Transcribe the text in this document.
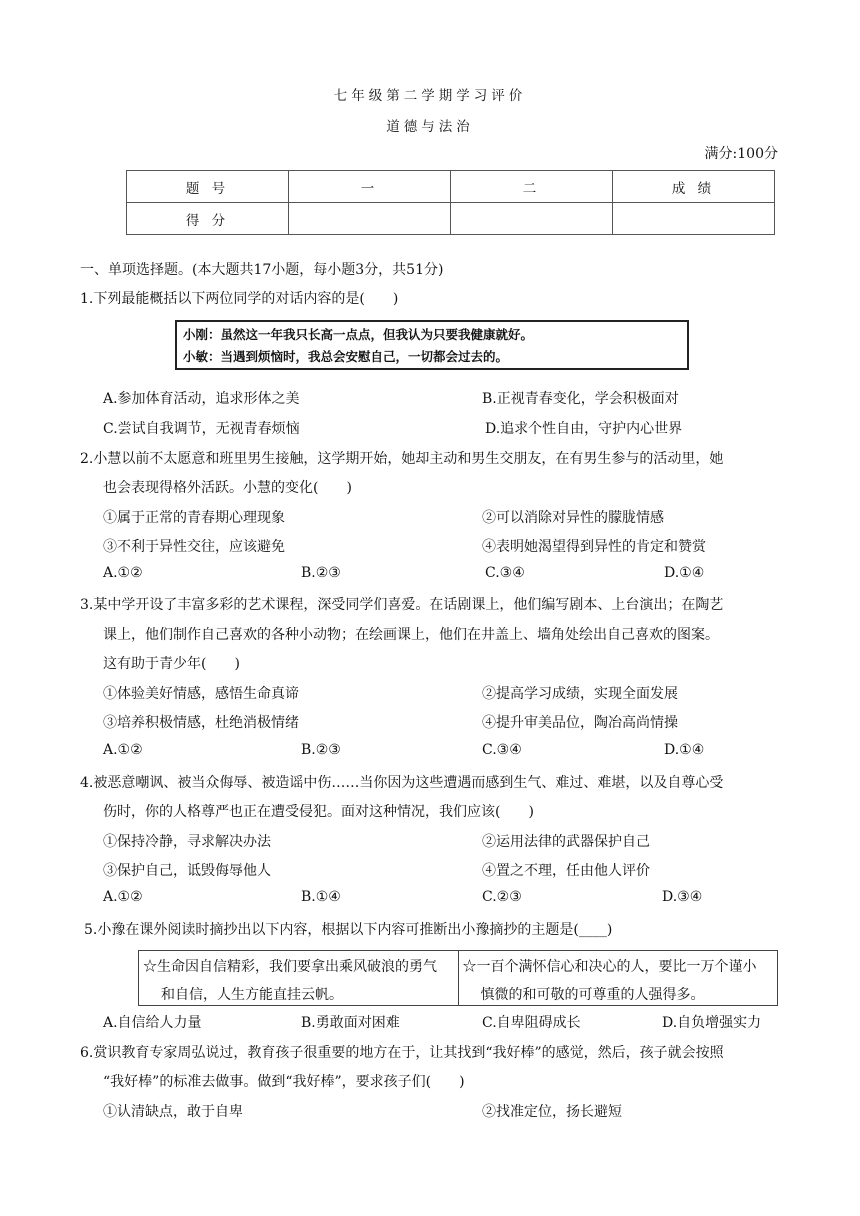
七年级第二学期学习评价
道德与法治
满分:100分
题 号	一	二	成 绩
得 分			
一、单项选择题。(本大题共17小题，每小题3分，共51分)
1.下列最能概括以下两位同学的对话内容的是(　　)
小刚：虽然这一年我只长高一点点，但我认为只要我健康就好。
小敏：当遇到烦恼时，我总会安慰自己，一切都会过去的。
A.参加体育活动，追求形体之美	B.正视青春变化，学会积极面对
C.尝试自我调节，无视青春烦恼	D.追求个性自由，守护内心世界
2.小慧以前不太愿意和班里男生接触，这学期开始，她却主动和男生交朋友，在有男生参与的活动里，她
也会表现得格外活跃。小慧的变化(　　)
①属于正常的青春期心理现象	②可以消除对异性的朦胧情感
③不利于异性交往，应该避免	④表明她渴望得到异性的肯定和赞赏
A.①②	B.②③	C.③④	D.①④
3.某中学开设了丰富多彩的艺术课程，深受同学们喜爱。在话剧课上，他们编写剧本、上台演出；在陶艺
课上，他们制作自己喜欢的各种小动物；在绘画课上，他们在井盖上、墙角处绘出自己喜欢的图案。
这有助于青少年(　　)
①体验美好情感，感悟生命真谛	②提高学习成绩，实现全面发展
③培养积极情感，杜绝消极情绪	④提升审美品位，陶冶高尚情操
A.①②	B.②③	C.③④	D.①④
4.被恶意嘲讽、被当众侮辱、被造谣中伤……当你因为这些遭遇而感到生气、难过、难堪，以及自尊心受
伤时，你的人格尊严也正在遭受侵犯。面对这种情况，我们应该(　　)
①保持冷静，寻求解决办法	②运用法律的武器保护自己
③保护自己，诋毁侮辱他人	④置之不理，任由他人评价
A.①②	B.①④	C.②③	D.③④
5.小豫在课外阅读时摘抄出以下内容，根据以下内容可推断出小豫摘抄的主题是(____)
☆生命因自信精彩，我们要拿出乘风破浪的勇气
和自信，人生方能直挂云帆。
☆一百个满怀信心和决心的人，要比一万个谨小
慎微的和可敬的可尊重的人强得多。
A.自信给人力量	B.勇敢面对困难	C.自卑阻碍成长	D.自负增强实力
6.赏识教育专家周弘说过，教育孩子很重要的地方在于，让其找到“我好棒”的感觉，然后，孩子就会按照
“我好棒”的标准去做事。做到“我好棒”，要求孩子们(　　)
①认清缺点，敢于自卑	②找准定位，扬长避短
